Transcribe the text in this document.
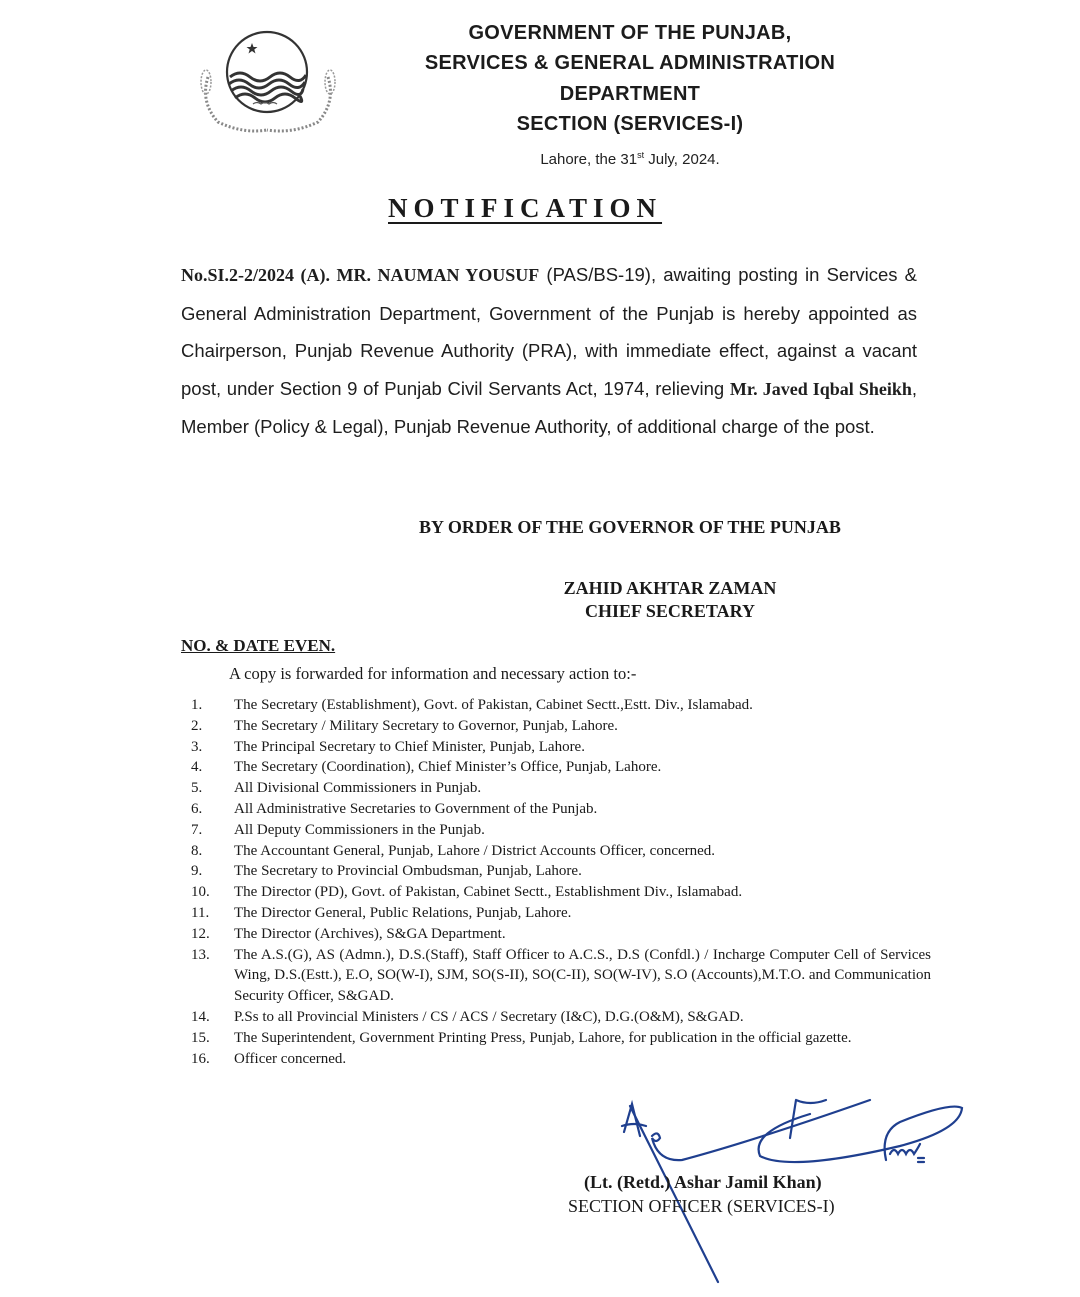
GOVERNMENT OF THE PUNJAB,
SERVICES & GENERAL ADMINISTRATION
DEPARTMENT
SECTION (SERVICES-I)
Lahore, the 31st July, 2024.
NOTIFICATION
No.SI.2-2/2024 (A). MR. NAUMAN YOUSUF (PAS/BS-19), awaiting posting in Services & General Administration Department, Government of the Punjab is hereby appointed as Chairperson, Punjab Revenue Authority (PRA), with immediate effect, against a vacant post, under Section 9 of Punjab Civil Servants Act, 1974, relieving Mr. Javed Iqbal Sheikh, Member (Policy & Legal), Punjab Revenue Authority, of additional charge of the post.
BY ORDER OF THE GOVERNOR OF THE PUNJAB
ZAHID AKHTAR ZAMAN
CHIEF SECRETARY
NO. & DATE EVEN.
A copy is forwarded for information and necessary action to:-
1.	The Secretary (Establishment), Govt. of Pakistan, Cabinet Sectt.,Estt. Div., Islamabad.
2.	The Secretary / Military Secretary to Governor, Punjab, Lahore.
3.	The Principal Secretary to Chief Minister, Punjab, Lahore.
4.	The Secretary (Coordination), Chief Minister’s Office, Punjab, Lahore.
5.	All Divisional Commissioners in Punjab.
6.	All Administrative Secretaries to Government of the Punjab.
7.	All Deputy Commissioners in the Punjab.
8.	The Accountant General, Punjab, Lahore / District Accounts Officer, concerned.
9.	The Secretary to Provincial Ombudsman, Punjab, Lahore.
10.	The Director (PD), Govt. of Pakistan, Cabinet Sectt., Establishment Div., Islamabad.
11.	The Director General, Public Relations, Punjab, Lahore.
12.	The Director (Archives), S&GA Department.
13.	The A.S.(G), AS (Admn.), D.S.(Staff), Staff Officer to A.C.S., D.S (Confdl.) / Incharge Computer Cell of Services Wing, D.S.(Estt.), E.O, SO(W-I), SJM, SO(S-II), SO(C-II), SO(W-IV), S.O (Accounts),M.T.O. and Communication Security Officer, S&GAD.
14.	P.Ss to all Provincial Ministers / CS / ACS / Secretary (I&C), D.G.(O&M), S&GAD.
15.	The Superintendent, Government Printing Press, Punjab, Lahore, for publication in the official gazette.
16.	Officer concerned.
(Lt. (Retd.) Ashar Jamil Khan)
SECTION OFFICER (SERVICES-I)
